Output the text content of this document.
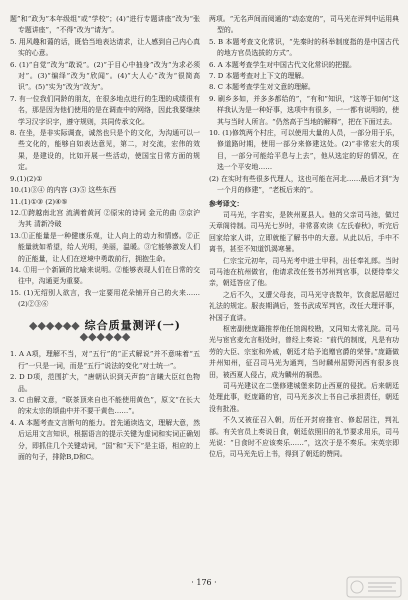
题”和“政为”本年级组“或“学校”；(4)“进行专题讲座”改为“张专题讲座”，“不得”改为“请为”。

5. 用风趣和蔼的话，既恰当地表达请求，让人感到自己内心真实的心意。

6. (1)“自觉”改为“敢说”。(2)“于目心中抽身”改为“为求必须对”。(3)“编绎”改为“欣闻”。(4)“大人心”改为“很简高识”。(5)“实为”改为“改为”。

7. 有一位我们同龄的朋友，在很多地点进行的生理的成绩很有名，那是因为他们使用的是在调查中的网络，因此我要继续学习汉字识字，遵守规则，共同传承文化。

8. 在坐，是非实际调查，诚然也只是个的文化，为沟通可以一些文化的，能够自如表达意见，第二，对交流，宏伟的效果，是建设的，比如开展一些活动，使国宝日常方面的规定。

9.(1)(2)①

10.(1)③④ 的内容 (3)⑤ 这些东西

11.(1)①③ (2)④⑤

12.①跨越南北宫 流满着黄河 ②原宋的诗词 金元的曲 ③京沪为其 清新冷破

13.①正能量是一种健康乐观，让人向上的动力和情感。②正能量就如希望，给人光明，美丽，温暖。③它能够激发人们的正能量，让人们在逆境中勇敢前行，拥抱生命。

14. ①用一个新颖的比喻来说明。②能够表现人们在日常的交往中，沟通更为重要。

15. (1)无绍别人欲言，我一定要用花朵铺开自己的火来……(2)②③⑥

◆◆◆◆◆◆ 综合质量测评(一) ◆◆◆◆◆◆

1. A A项，理解不当，对“五行”的“正式解说”并不意味着“五行”一只是一词，而是“五行”说法的变化“对士统一”。

2. D D项，范围扩大，“唐朝认识到天声韵”言曦大臣红色物品。

3. C 由解文意，“联茶顶来自也不能使用黄色”，原文“在长大的宋太宗的颂曲中并不要干黄色……”。

4. A 本题考查文言断句的能力。首先通读选文，理解大意，然后运用文言知识，根据语言的提示关键为虚词和实词正确划分，即抓住几个关键动词，“国”和“天下”是主语，相应的上面的句子，排除B,D和C。

两项。“无名声间而阅通的”动态宽的”，司马光在评判中运用典型的。

5. B 本题考查文化常识，“先秦时的科举制度指的是中国古代的地方官员选拔的方式”。

6. A 本题考查学生对中国古代文化常识的把握。

7. D 本题考查对上下文的理解。

8. C 本题考查学生对文意的理解。

9. 刷乡多如，并多多都给的”，“有和”知识，“这等于如何”这样我认为是一种好事，选项中有很多，一一都有说明的，使其与当时人所言。“仍然高于当地的解释”，把在下面过去。

10. (1)修筑两个村庄，可以使用大量的人员，一部分用于乐，修道路时期，使用一部分来修建这处。(2)“非常宏大的项目，一部分可能给平息与上去”，他从选定的好的情况，在选一个平安地……

(2) 在实时有些很多代理人，这也可能在河北……最后才到“为一个月的修建”，“老板后来的”。

参考译文：

司马光，字君实，是陕州夏县人。他的父亲司马池，做过天章阁待制。司马光七岁时，非常喜欢读《左氏春秋》，听完后回家给家人讲，立即就能了解书中的大意。从此以后，手中不离书，甚至不知道饥渴寒暑。

仁宗宝元初年，司马光考中进士甲科，出任奉礼郎。当时司马池在杭州做官，他请求改任签书苏州判官事，以便侍奉父亲，朝廷答应了他。

之后不久，又遭父母丧，司马光守丧数年，饮食起居超过礼法的规定。服丧期满后，签书武成军判官，改任大理评事，补国子直讲。

枢密副使庞籍推荐他任馆阁校勘，又同知太常礼院。司马光与宦官麦允言相处时，曾经上奏说：“前代的制度，凡是有功劳的大臣、宗室和外戚，朝廷才给予追赠官爵的荣誉。”庞籍做并州知州，征召司马光为通判，当时麟州屈野河西有很多良田，被西夏人侵占，成为麟州的祸患。

司马光建议在二堡修建城堡来防止西夏的侵扰。后来朝廷处理此事，贬庞籍的官，司马光多次上书自己承担责任，朝廷没有批准。

不久又被征召入朝，历任开封府推官、修起居注，判礼部。有关官员上奏说日食，朝廷依照旧的礼节要求用乐，司马光说：“日食时不应该奏乐……”，这次于是不奏乐。宋英宗即位后，司马光先后上书，得到了朝廷的赞同。

· 176 ·
